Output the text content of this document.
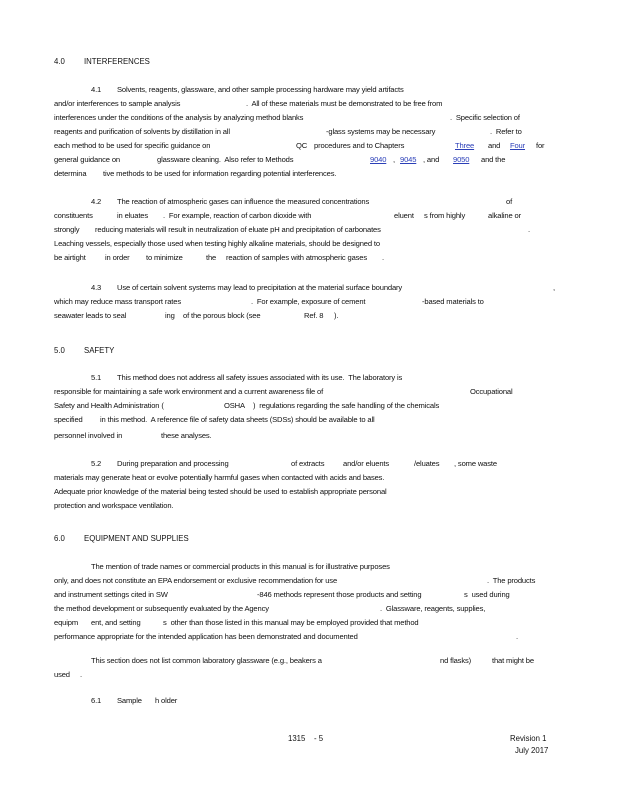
4.0 INTERFERENCES
4.1 Solvents, reagents, glassware, and other sample processing hardware may yield artifacts
and/or interferences to sample analysis	.  All of these materials must be demonstrated to be free from
interferences under the conditions of the analysis by analyzing method blanks	.  Specific selection of
reagents and purification of solvents by distillation in all	-glass systems may be necessary	.  Refer to
each method to be used for specific guidance on	QC procedures and to Chapters	Three and Four for
general guidance on	glassware cleaning.  Also refer to Methods	9040 , 9045 , and 9050 and the
determina tive methods to be used for information regarding potential interferences.
4.2 The reaction of atmospheric gases can influence the measured concentrations	of
constituents	in eluates .  For example, reaction of carbon dioxide with	eluent s from highly	alkaline or
strongly reducing materials will result in neutralization of eluate pH and precipitation of carbonates	.
Leaching vessels, especially those used when testing highly alkaline materials, should be designed to
be airtight	in order to minimize	the reaction of samples with atmospheric gases .
4.3 Use of certain solvent systems may lead to precipitation at the material surface boundary	,
which may reduce mass transport rates	.  For example, exposure of cement	-based materials to
seawater leads to seal	ing of the porous block (see	Ref. 8 ).
5.0 SAFETY
5.1 This method does not address all safety issues associated with its use.  The laboratory is
responsible for maintaining a safe work environment and a current awareness file of	Occupational
Safety and Health Administration (	OSHA )  regulations regarding the safe handling of the chemicals
specified in this method.  A reference file of safety data sheets (SDSs) should be available to all
personnel involved in	these analyses.
5.2 During preparation and processing	of extracts and/or eluents	/eluates , some waste
materials may generate heat or evolve potentially harmful gases when contacted with acids and bases.
Adequate prior knowledge of the material being tested should be used to establish appropriate personal
protection and workspace ventilation.
6.0 EQUIPMENT AND SUPPLIES
The mention of trade names or commercial products in this manual is for illustrative purposes
only, and does not constitute an EPA endorsement or exclusive recommendation for use	.  The products
and instrument settings cited in SW	-846 methods represent those products and setting	s  used during
the method development or subsequently evaluated by the Agency	.  Glassware, reagents, supplies,
equipm ent, and setting	s  other than those listed in this manual may be employed provided that method
performance appropriate for the intended application has been demonstrated and documented	.
This section does not list common laboratory glassware (e.g., beakers a	nd flasks)	that might be
used .
6.1 Sample h older
1315 - 5	Revision 1
July 2017
